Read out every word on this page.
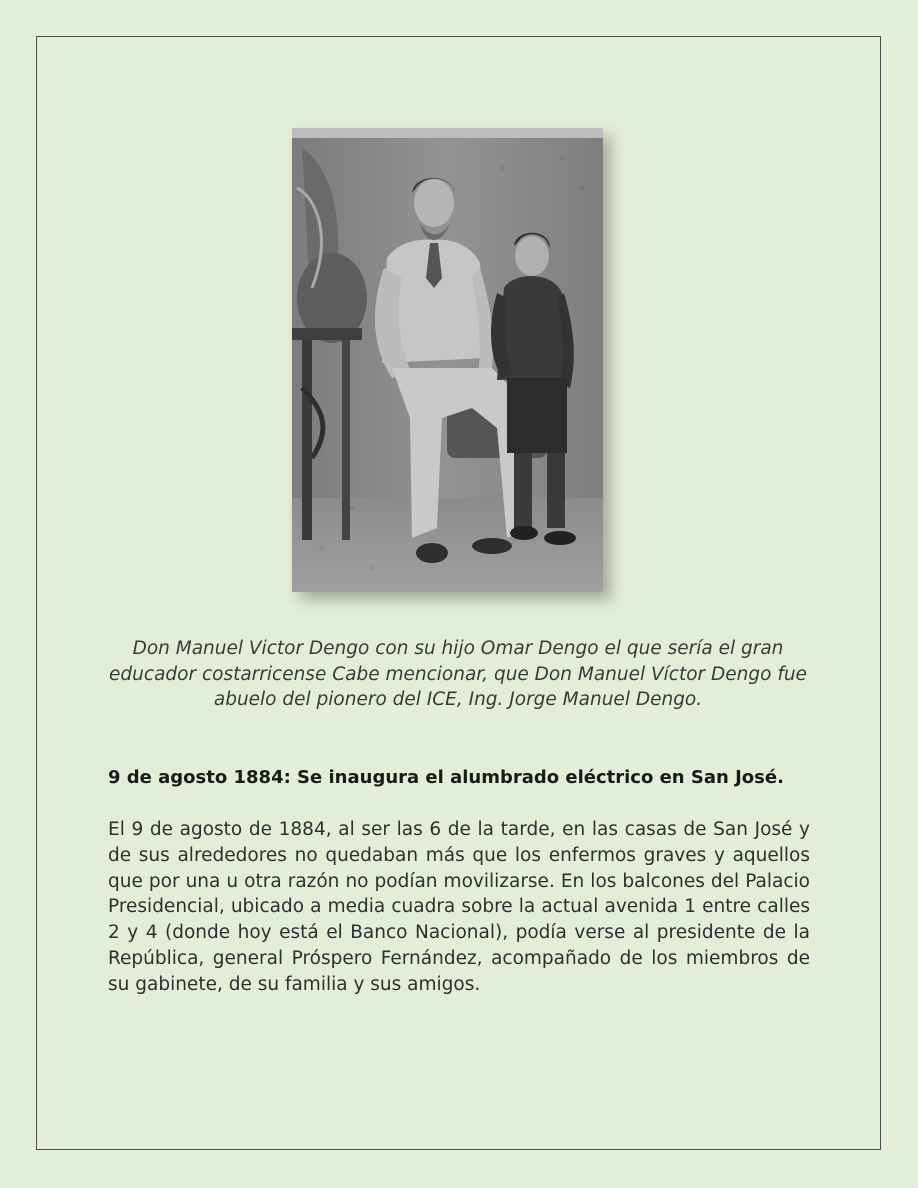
Don Manuel Victor Dengo con su hijo Omar Dengo el que sería el gran educador costarricense Cabe mencionar, que Don Manuel Víctor Dengo fue abuelo del pionero del ICE, Ing. Jorge Manuel Dengo.

9 de agosto 1884: Se inaugura el alumbrado eléctrico en San José.

El 9 de agosto de 1884, al ser las 6 de la tarde, en las casas de San José y de sus alrededores no quedaban más que los enfermos graves y aquellos que por una u otra razón no podían movilizarse. En los balcones del Palacio Presidencial, ubicado a media cuadra sobre la actual avenida 1 entre calles 2 y 4 (donde hoy está el Banco Nacional), podía verse al presidente de la República, general Próspero Fernández, acompañado de los miembros de su gabinete, de su familia y sus amigos.
